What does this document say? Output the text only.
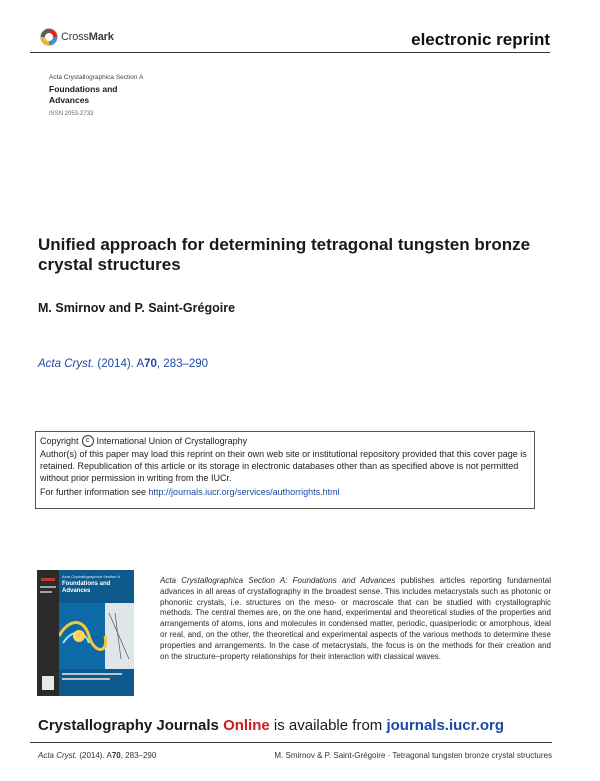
CrossMark	electronic reprint
Acta Crystallographica Section A
Foundations and Advances
ISSN 2053-2733
Unified approach for determining tetragonal tungsten bronze crystal structures
M. Smirnov and P. Saint-Grégoire
Acta Cryst. (2014). A70, 283–290

Copyright	c International Union of Crystallography

Author(s) of this paper may load this reprint on their own web site or institutional repository provided that this cover page is retained. Republication of this article or its storage in electronic databases other than as specified above is not permitted without prior permission in writing from the IUCr.

For further information see http://journals.iucr.org/services/authorrights.html

Acta Crystallographica Section A
Foundations and Advances
Acta Crystallographica Section A: Foundations and Advances publishes articles reporting fundamental advances in all areas of crystallography in the broadest sense. This includes metacrystals such as photonic or phononic crystals, i.e. structures on the meso- or macroscale that can be studied with crystallographic methods. The central themes are, on the one hand, experimental and theoretical studies of the properties and arrangements of atoms, ions and molecules in condensed matter, periodic, quasiperiodic or amorphous, ideal or real, and, on the other, the theoretical and experimental aspects of the various methods to determine these properties and arrangements. In the case of metacrystals, the focus is on the methods for their creation and on the structure–property relationships for their interaction with classical waves.
Crystallography Journals Online is available from journals.iucr.org
Acta Cryst. (2014). A70, 283–290	M. Smirnov & P. Saint-Grégoire · Tetragonal tungsten bronze crystal structures
